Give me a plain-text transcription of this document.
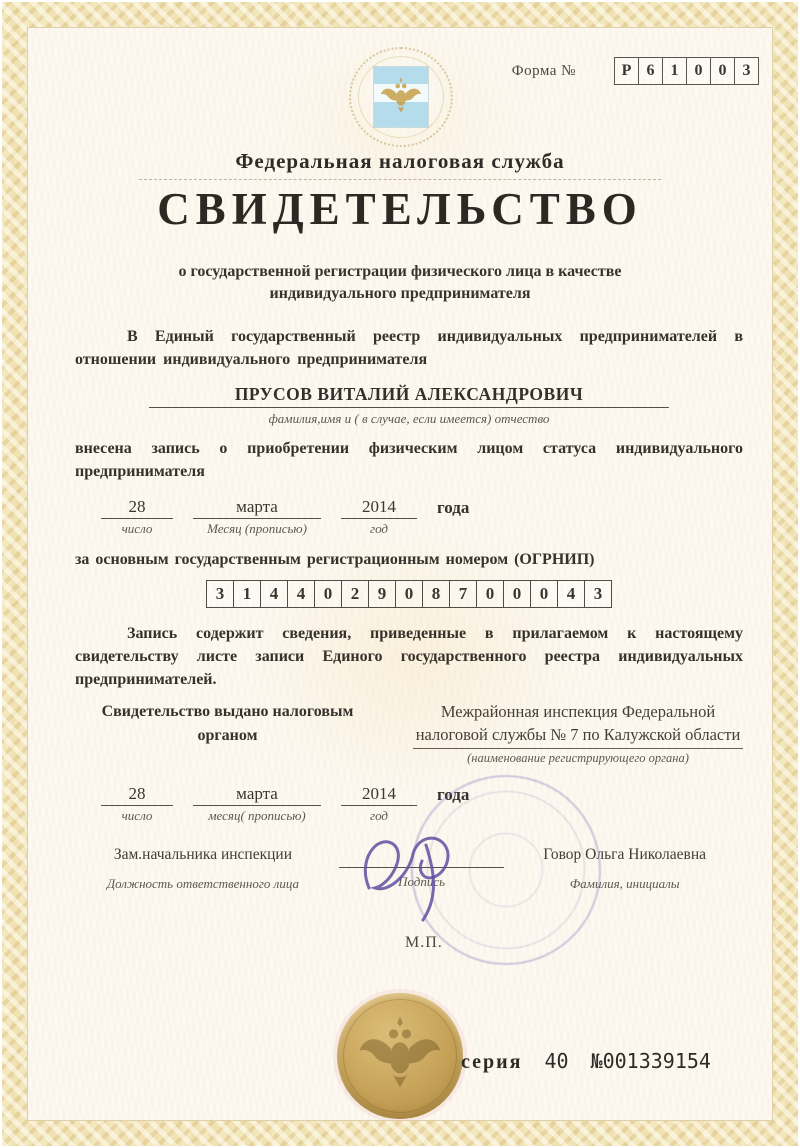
Форма №	Р 6	1	0	0	3
Федеральная налоговая служба
СВИДЕТЕЛЬСТВО
о государственной регистрации физического лица в качестве
индивидуального предпринимателя

В Единый государственный реестр индивидуальных предпринимателей в отношении индивидуального предпринимателя

ПРУСОВ ВИТАЛИЙ АЛЕКСАНДРОВИЧ
фамилия,имя и ( в случае, если имеется) отчество

внесена запись о приобретении физическим лицом статуса индивидуального предпринимателя

28
число
марта
Месяц (прописью)
2014
год
года
за основным государственным регистрационным номером (ОГРНИП)
3	1	4	4	0	2	9	0	8	7	0	0	0	4	3

Запись содержит сведения, приведенные в прилагаемом к настоящему свидетельству листе записи Единого государственного реестра индивидуальных предпринимателей.

Свидетельство выдано налоговым органом
Межрайонная инспекция Федеральной налоговой службы № 7 по Калужской области
(наименование регистрирующего органа)
28
число
марта
месяц( прописью)
2014
год
года
Зам.начальника инспекции
Должность ответственного лица	Подпись
Говор Ольга Николаевна
Фамилия, инициалы
М.П.
серия 40 №001339154
